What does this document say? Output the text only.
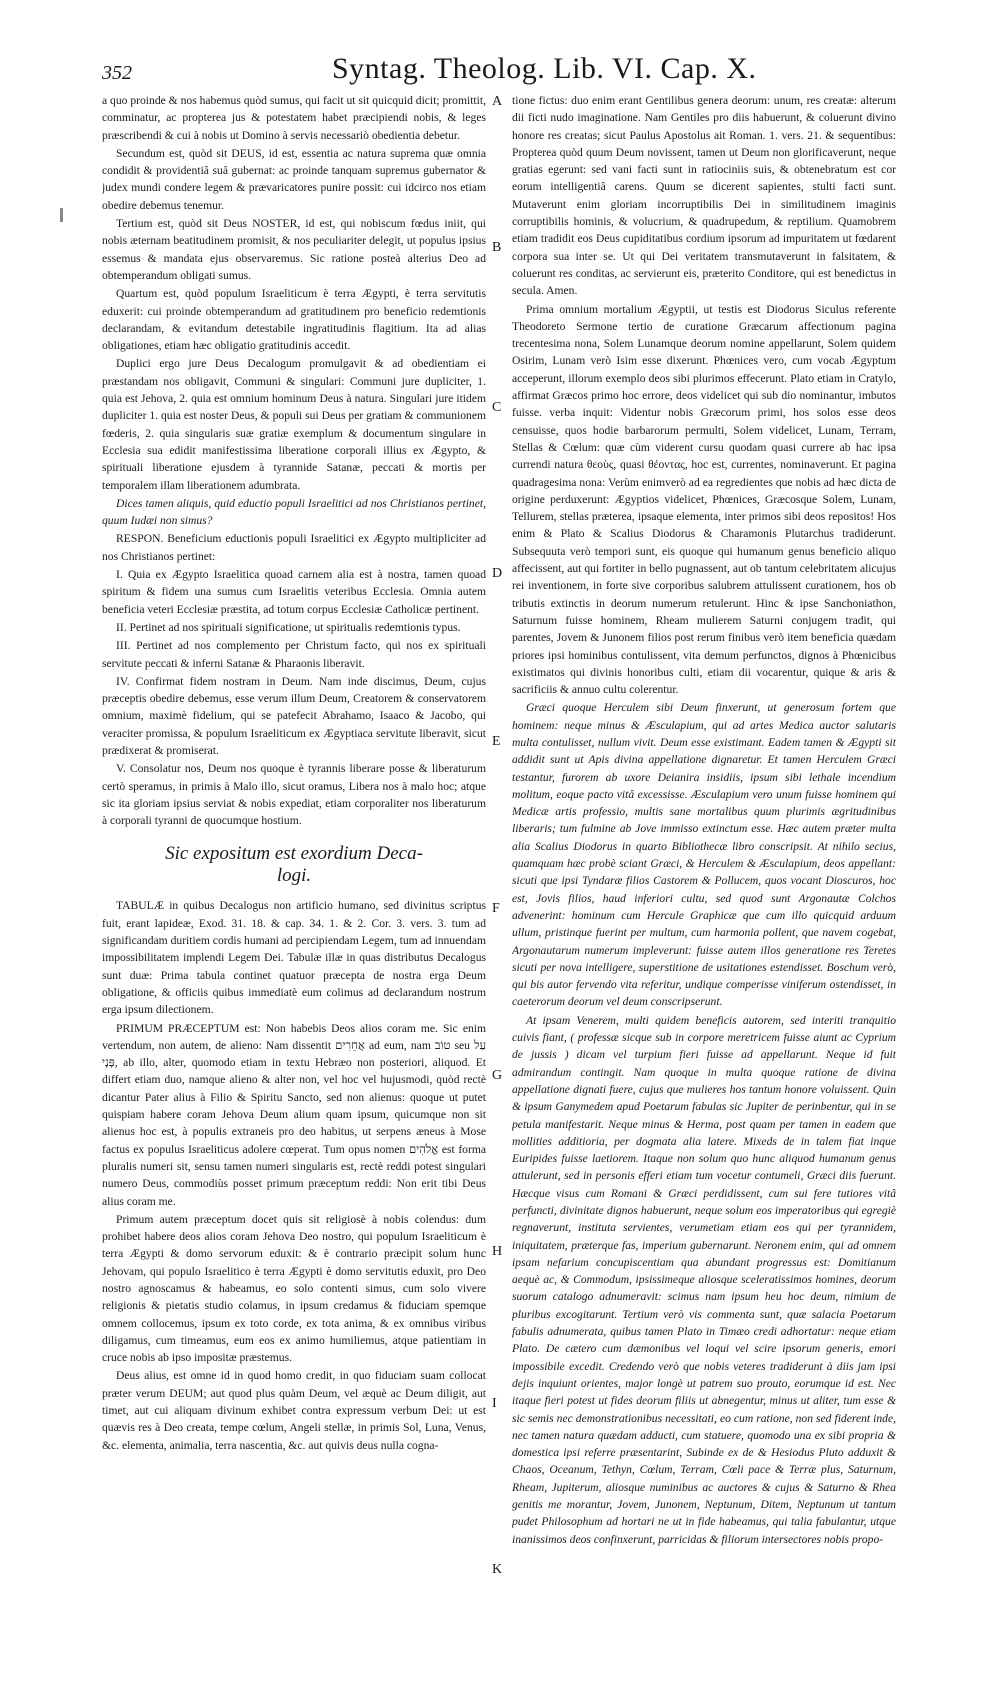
352	Syntag. Theolog. Lib. VI. Cap. X.
A
B
C
D
E
F
G
H
I
K

a quo proinde & nos habemus quòd sumus, qui facit ut sit quicquid dicit; promittit, comminatur, ac propterea jus & potestatem habet præcipiendi nobis, & leges præscribendi & cui à nobis ut Domino à servis necessariò obedientia debetur.

Secundum est, quòd sit DEUS, id est, essentia ac natura suprema quæ omnia condidit & providentiâ suâ gubernat: ac proinde tanquam supremus gubernator & judex mundi condere legem & prævaricatores punire possit: cui idcirco nos etiam obedire debemus tenemur.

Tertium est, quòd sit Deus NOSTER, id est, qui nobiscum fœdus iniit, qui nobis æternam beatitudinem promisit, & nos peculiariter delegit, ut populus ipsius essemus & mandata ejus observaremus. Sic ratione posteà alterius Deo ad obtemperandum obligati sumus.

Quartum est, quòd populum Israeliticum è terra Ægypti, è terra servitutis eduxerit: cui proinde obtemperandum ad gratitudinem pro beneficio redemtionis declarandam, & evitandum detestabile ingratitudinis flagitium. Ita ad alias obligationes, etiam hæc obligatio gratitudinis accedit.

Duplici ergo jure Deus Decalogum promulgavit & ad obedientiam ei præstandam nos obligavit, Communi & singulari: Communi jure dupliciter, 1. quia est Jehova, 2. quia est omnium hominum Deus à natura. Singulari jure itidem dupliciter 1. quia est noster Deus, & populi sui Deus per gratiam & communionem fœderis, 2. quia singularis suæ gratiæ exemplum & documentum singulare in Ecclesia sua edidit manifestissima liberatione corporali illius ex Ægypto, & spirituali liberatione ejusdem à tyrannide Satanæ, peccati & mortis per temporalem illam liberationem adumbrata.

Dices tamen aliquis, quid eductio populi Israelitici ad nos Christianos pertinet, quum Iudæi non simus?

RESPON. Beneficium eductionis populi Israelitici ex Ægypto multipliciter ad nos Christianos pertinet:

I. Quia ex Ægypto Israelitica quoad carnem alia est à nostra, tamen quoad spiritum & fidem una sumus cum Israelitis veteribus Ecclesia. Omnia autem beneficia veteri Ecclesiæ præstita, ad totum corpus Ecclesiæ Catholicæ pertinent.

II. Pertinet ad nos spirituali significatione, ut spiritualis redemtionis typus.

III. Pertinet ad nos complemento per Christum facto, qui nos ex spirituali servitute peccati & inferni Satanæ & Pharaonis liberavit.

IV. Confirmat fidem nostram in Deum. Nam inde discimus, Deum, cujus præceptis obedire debemus, esse verum illum Deum, Creatorem & conservatorem omnium, maximè fidelium, qui se patefecit Abrahamo, Isaaco & Jacobo, qui veraciter promissa, & populum Israeliticum ex Ægyptiaca servitute liberavit, sicut prædixerat & promiserat.

V. Consolatur nos, Deum nos quoque è tyrannis liberare posse & liberaturum certò speramus, in primis à Malo illo, sicut oramus, Libera nos à malo hoc; atque sic ita gloriam ipsius serviat & nobis expediat, etiam corporaliter nos liberaturum à corporali tyranni de quocumque hostium.

Sic expositum est exordium Deca-
logi.

TABULÆ in quibus Decalogus non artificio humano, sed divinitus scriptus fuit, erant lapideæ, Exod. 31. 18. & cap. 34. 1. & 2. Cor. 3. vers. 3. tum ad significandam duritiem cordis humani ad percipiendam Legem, tum ad innuendam impossibilitatem implendi Legem Dei. Tabulæ illæ in quas distributus Decalogus sunt duæ: Prima tabula continet quatuor præcepta de nostra erga Deum obligatione, & officiis quibus immediatè eum colimus ad declarandum nostrum erga ipsum dilectionem.

PRIMUM PRÆCEPTUM est: Non habebis Deos alios coram me. Sic enim vertendum, non autem, de alieno: Nam dissentit אֲחֵרִים ad eum, nam טוֹב seu עַל פָּנָי, ab illo, alter, quomodo etiam in textu Hebræo non posteriori, aliquod. Et differt etiam duo, namque alieno & alter non, vel hoc vel hujusmodi, quòd rectè dicantur Pater alius à Filio & Spiritu Sancto, sed non alienus: quoque ut putet quispiam habere coram Jehova Deum alium quam ipsum, quicumque non sit alienus hoc est, à populis extraneis pro deo habitus, ut serpens æneus à Mose factus ex populus Israeliticus adolere cœperat. Tum opus nomen אֱלֹהִים est forma pluralis numeri sit, sensu tamen numeri singularis est, rectè reddi potest singulari numero Deus, commodiùs posset primum præceptum reddi: Non erit tibi Deus alius coram me.

Primum autem præceptum docet quis sit religiosè à nobis colendus: dum prohibet habere deos alios coram Jehova Deo nostro, qui populum Israeliticum è terra Ægypti & domo servorum eduxit: & è contrario præcipit solum hunc Jehovam, qui populo Israelitico è terra Ægypti è domo servitutis eduxit, pro Deo nostro agnoscamus & habeamus, eo solo contenti simus, cum solo vivere religionis & pietatis studio colamus, in ipsum credamus & fiduciam spemque omnem collocemus, ipsum ex toto corde, ex tota anima, & ex omnibus viribus diligamus, cum timeamus, eum eos ex animo humiliemus, atque patientiam in cruce nobis ab ipso impositæ præstemus.

Deus alius, est omne id in quod homo credit, in quo fiduciam suam collocat præter verum DEUM; aut quod plus quàm Deum, vel æquè ac Deum diligit, aut timet, aut cui aliquam divinum exhibet contra expressum verbum Dei: ut est quævis res à Deo creata, tempe cœlum, Angeli stellæ, in primis Sol, Luna, Venus, &c. elementa, animalia, terra nascentia, &c. aut quivis deus nulla cogna-

tione fictus: duo enim erant Gentilibus genera deorum: unum, res creatæ: alterum dii ficti nudo imaginatione. Nam Gentiles pro diis habuerunt, & coluerunt divino honore res creatas; sicut Paulus Apostolus ait Roman. 1. vers. 21. & sequentibus: Propterea quòd quum Deum novissent, tamen ut Deum non glorificaverunt, neque gratias egerunt: sed vani facti sunt in ratiociniis suis, & obtenebratum est cor eorum intelligentiâ carens. Quum se dicerent sapientes, stulti facti sunt. Mutaverunt enim gloriam incorruptibilis Dei in similitudinem imaginis corruptibilis hominis, & volucrium, & quadrupedum, & reptilium. Quamobrem etiam tradidit eos Deus cupiditatibus cordium ipsorum ad impuritatem ut fœdarent corpora sua inter se. Ut qui Dei veritatem transmutaverunt in falsitatem, & coluerunt res conditas, ac servierunt eis, præterito Conditore, qui est benedictus in secula. Amen.

Prima omnium mortalium Ægyptii, ut testis est Diodorus Siculus referente Theodoreto Sermone tertio de curatione Græcarum affectionum pagina trecentesima nona, Solem Lunamque deorum nomine appellarunt, Solem quidem Osirim, Lunam verò Isim esse dixerunt. Phœnices vero, cum vocab Ægyptum acceperunt, illorum exemplo deos sibi plurimos effecerunt. Plato etiam in Cratylo, affirmat Græcos primo hoc errore, deos videlicet qui sub dio nominantur, imbutos fuisse. verba inquit: Videntur nobis Græcorum primi, hos solos esse deos censuisse, quos hodie barbarorum permulti, Solem videlicet, Lunam, Terram, Stellas & Cœlum: quæ cùm viderent cursu quodam quasi currere ab hac ipsa currendi natura θεοὺς, quasi θέοντας, hoc est, currentes, nominaverunt. Et pagina quadragesima nona: Verùm enimverò ad ea regredientes que nobis ad hæc dicta de origine perduxerunt: Ægyptios videlicet, Phœnices, Græcosque Solem, Lunam, Tellurem, stellas præterea, ipsaque elementa, inter primos sibi deos repositos! Hos enim & Plato & Scalius Diodorus & Charamonis Plutarchus tradiderunt. Subsequuta verò tempori sunt, eis quoque qui humanum genus beneficio aliquo affecissent, aut qui fortiter in bello pugnassent, aut ob tantum celebritatem alicujus rei inventionem, in forte sive corporibus salubrem attulissent curationem, hos ob tributis extinctis in deorum numerum retulerunt. Hinc & ipse Sanchoniathon, Saturnum fuisse hominem, Rheam mulierem Saturni conjugem tradit, qui parentes, Jovem & Junonem filios post rerum finibus verò item beneficia quædam priores ipsi hominibus contulissent, vita demum perfunctos, dignos à Phœnicibus existimatos qui divinis honoribus culti, etiam dii vocarentur, quique & aris & sacrificiis & annuo cultu colerentur.

Græci quoque Herculem sibi Deum finxerunt, ut generosum fortem que hominem: neque minus & Æsculapium, qui ad artes Medica auctor salutaris multa contulisset, nullum vivit. Deum esse existimant. Eadem tamen & Ægypti sit addidit sunt ut Apis divina appellatione dignaretur. Et tamen Herculem Græci testantur, furorem ab uxore Deianira insidiis, ipsum sibi lethale incendium molitum, eoque pacto vitâ excessisse. Æsculapium vero unum fuisse hominem qui Medicæ artis professio, multis sane mortalibus quum plurimis ægritudinibus liberaris; tum fulmine ab Jove immisso extinctum esse. Hæc autem præter multa alia Scalius Diodorus in quarto Bibliothecæ libro conscripsit. At nihilo secius, quamquam hæc probè sciant Græci, & Herculem & Æsculapium, deos appellant: sicuti que ipsi Tyndaræ filios Castorem & Pollucem, quos vocant Dioscuros, hoc est, Jovis filios, haud inferiori cultu, sed quod sunt Argonautæ Colchos advenerint: hominum cum Hercule Graphicæ que cum illo quicquid arduum ullum, pristinque fuerint per multum, cum harmonia pollent, que navem cogebat, Argonautarum numerum impleverunt: fuisse autem illos generatione res Teretes sicuti per nova intelligere, superstitione de usitationes estendisset. Boschum verò, qui bis autor fervendo vita referitur, undique comperisse viniferum ostendisset, in caeterorum deorum vel deum conscripserunt.

At ipsam Venerem, multi quidem beneficis autorem, sed interiti tranquitio cuivis fiant, ( professæ sicque sub in corpore meretricem fuisse aiunt ac Cyprium de jussis ) dicam vel turpium fieri fuisse ad appellarunt. Neque id fuit admirandum contingit. Nam quoque in multa quoque ratione de divina appellatione dignati fuere, cujus que mulieres hos tantum honore voluissent. Quin & ipsum Ganymedem apud Poetarum fabulas sic Jupiter de perinbentur, qui in se petula manifestarit. Neque minus & Herma, post quam per tamen in eadem que mollities additioria, per dogmata alia latere. Mixeds de in talem fiat inque Euripides fuisse laetiorem. Itaque non solum quo hunc aliquod humanum genus attulerunt, sed in personis efferi etiam tum vocetur contumeli, Græci diis fuerunt. Hæcque visus cum Romani & Græci perdidissent, cum sui fere tutiores vitâ perfuncti, divinitate dignos habuerunt, neque solum eos imperatoribus qui egregiè regnaverunt, instituta servientes, verumetiam etiam eos qui per tyrannidem, iniquitatem, præterque fas, imperium gubernarunt. Neronem enim, qui ad omnem ipsam nefarium concupiscentiam qua abundant progressus est: Domitianum aequè ac, & Commodum, ipsissimeque aliosque sceleratissimos homines, deorum suorum catalogo adnumeravit: scimus nam ipsum heu hoc deum, nimium de pluribus excogitarunt. Tertium verò vis commenta sunt, quæ salacia Poetarum fabulis adnumerata, quibus tamen Plato in Timæo credi adhortatur: neque etiam Plato. De cætero cum dæmonibus vel loqui vel scire ipsorum generis, emori impossibile excedit. Credendo verò que nobis veteres tradiderunt à diis jam ipsi dejis inquiunt orientes, major longè ut patrem suo prouto, eorumque id est. Nec itaque fieri potest ut fides deorum filiis ut abnegentur, minus ut aliter, tum esse & sic semis nec demonstrationibus necessitati, eo cum ratione, non sed fiderent inde, nec tamen natura quædam adducti, cum statuere, quomodo una ex sibi propria & domestica ipsi referre præsentarint, Subinde ex de & Hesiodus Pluto adduxit & Chaos, Oceanum, Tethyn, Cœlum, Terram, Cœli pace & Terræ plus, Saturnum, Rheam, Jupiterum, aliosque numinibus ac auctores & cujus & Saturno & Rhea genitis me morantur, Jovem, Junonem, Neptunum, Ditem, Neptunum ut tantum pudet Philosophum ad hortari ne ut in fide habeamus, qui talia fabulantur, utque inanissimos deos confinxerunt, parricidas & filiorum intersectores nobis propo-
